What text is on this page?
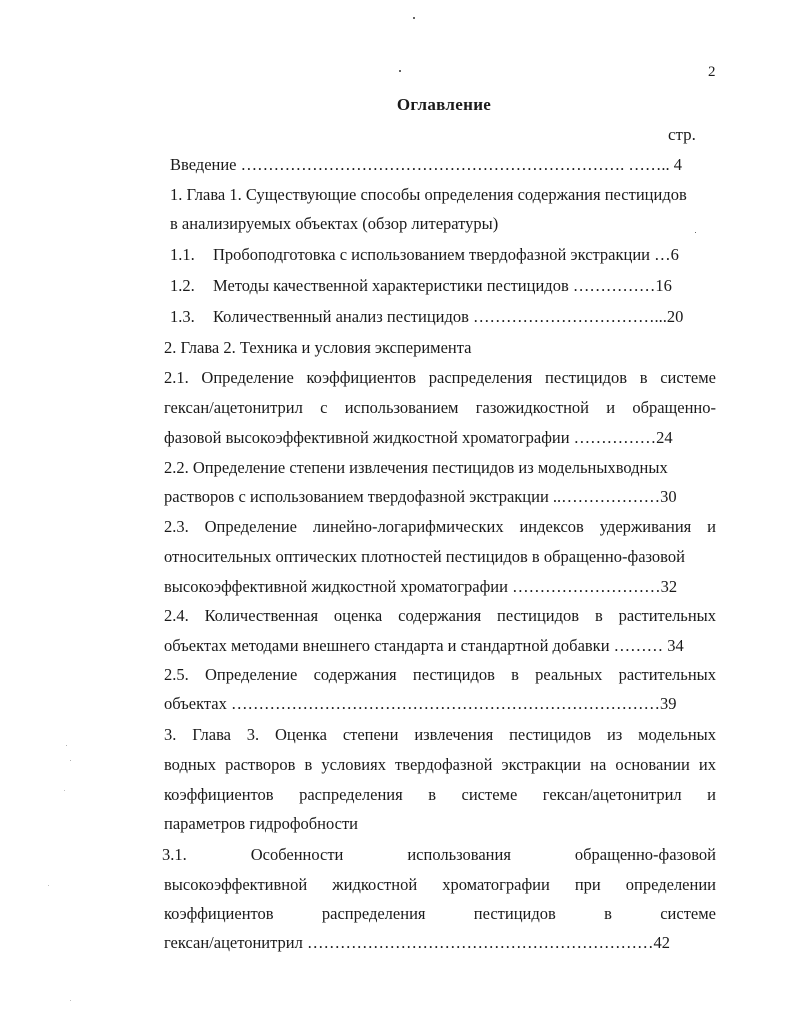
2
Оглавление
стр.
Введение ……………………………………………………………. …….. 4
1. Глава 1. Существующие способы определения содержания пестицидов
в анализируемых объектах (обзор литературы)
1.1. Пробоподготовка с использованием твердофазной экстракции …6
1.2. Методы качественной характеристики пестицидов ……………16
1.3. Количественный анализ пестицидов ……………………………...20
2. Глава 2. Техника и условия эксперимента
2.1. Определение коэффициентов распределения пестицидов в системе
гексан/ацетонитрил с использованием газожидкостной и обращенно-
фазовой высокоэффективной жидкостной хроматографии ……………24
2.2. Определение степени извлечения пестицидов из модельныхводных
растворов с использованием твердофазной экстракции ..………………30
2.3. Определение линейно-логарифмических индексов удерживания и
относительных оптических плотностей пестицидов в обращенно-фазовой
высокоэффективной жидкостной хроматографии ………………………32
2.4. Количественная оценка содержания пестицидов в растительных
объектах методами внешнего стандарта и стандартной добавки ……… 34
2.5. Определение содержания пестицидов в реальных растительных
объектах ……………………………………………………………………39
3. Глава 3. Оценка степени извлечения пестицидов из модельных
водных растворов в условиях твердофазной экстракции на основании их
коэффициентов распределения в системе гексан/ацетонитрил и
параметров гидрофобности
3.1. Особенности использования обращенно-фазовой
высокоэффективной жидкостной хроматографии при определении
коэффициентов распределения пестицидов в системе
гексан/ацетонитрил ………………………………………………………42
